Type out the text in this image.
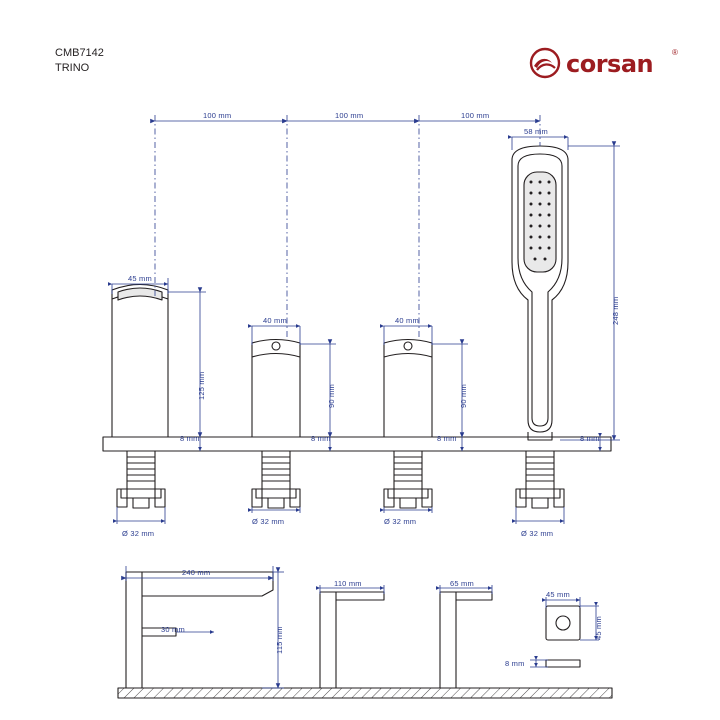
CMB7142
TRINO	corsan ®
100 mm	100 mm	100 mm
58 mm
248 mm
45 mm
125 mm
40 mm
90 mm
40 mm
90 mm
8 mm	8 mm	8 mm	8 mm
Ø 32 mm
Ø 32 mm	Ø 32 mm
Ø 32 mm
240 mm
30 mm	115 mm
110 mm	65 mm
45 mm
45 mm
8 mm
